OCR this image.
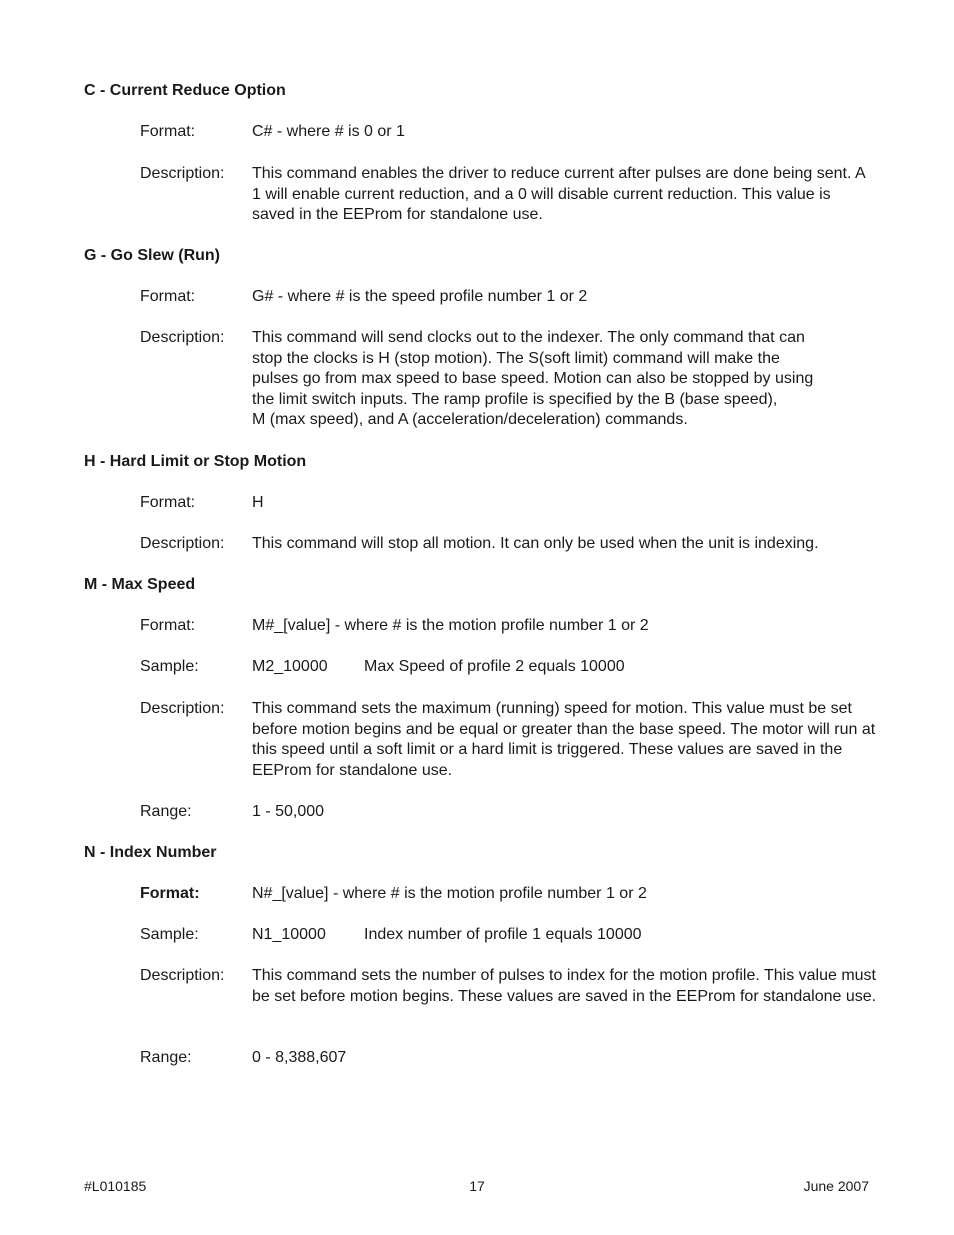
C - Current Reduce Option
Format:	C# - where # is 0 or 1
Description: This command enables the driver to reduce current after pulses are done being sent. A 1 will enable current reduction, and a 0 will disable current reduction. This value is saved in the EEProm for standalone use.
G - Go Slew (Run)
Format:	G# - where # is the speed profile number 1 or 2
Description: This command will send clocks out to the indexer. The only command that can
stop the clocks is H (stop motion). The S(soft limit) command will make the
pulses go from max speed to base speed. Motion can also be stopped by using
the limit switch inputs. The ramp profile is specified by the B (base speed),
M (max speed), and A (acceleration/deceleration) commands.
H - Hard Limit or Stop Motion
Format:	H
Description: This command will stop all motion. It can only be used when the unit is indexing.
M - Max Speed
Format:	M#_[value] - where # is the motion profile number 1 or 2
Sample:	M2_10000 Max Speed of profile 2 equals 10000
Description: This command sets the maximum (running) speed for motion. This value must be set before motion begins and be equal or greater than the base speed. The motor will run at this speed until a soft limit or a hard limit is triggered. These values are saved in the EEProm for standalone use.
Range:	1 - 50,000
N - Index Number
Format:	N#_[value] - where # is the motion profile number 1 or 2
Sample:	N1_10000 Index number of profile 1 equals 10000
Description: This command sets the number of pulses to index for the motion profile. This value must be set before motion begins. These values are saved in the EEProm for standalone use.
Range:	0 - 8,388,607
#L010185	17	June 2007
